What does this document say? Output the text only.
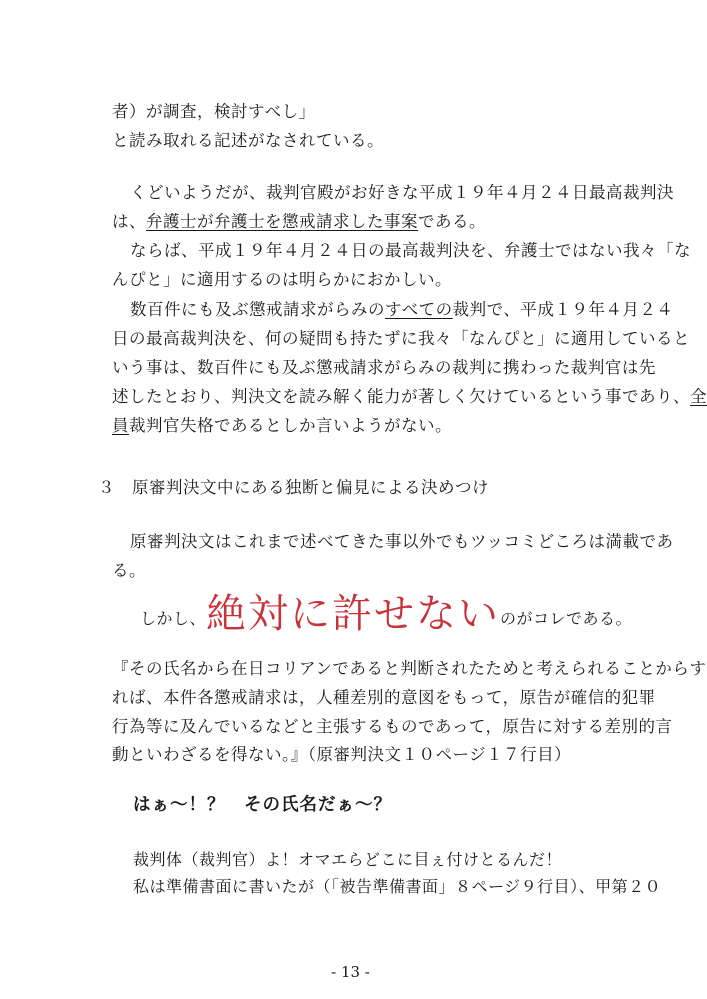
者）が調査，検討すべし」
と読み取れる記述がなされている。
くどいようだが、裁判官殿がお好きな平成１９年４月２４日最高裁判決
は、弁護士が弁護士を懲戒請求した事案である。
ならば、平成１９年４月２４日の最高裁判決を、弁護士ではない我々「な
んぴと」に適用するのは明らかにおかしい。
数百件にも及ぶ懲戒請求がらみのすべての裁判で、平成１９年４月２４
日の最高裁判決を、何の疑問も持たずに我々「なんぴと」に適用していると
いう事は、数百件にも及ぶ懲戒請求がらみの裁判に携わった裁判官は先
述したとおり、判決文を読み解く能力が著しく欠けているという事であり、全
員裁判官失格であるとしか言いようがない。
３　原審判決文中にある独断と偏見による決めつけ
原審判決文はこれまで述べてきた事以外でもツッコミどころは満載であ
る。
しかし、絶対に許せないのがコレである。
『その氏名から在日コリアンであると判断されたためと考えられることからす
れば、本件各懲戒請求は，人種差別的意図をもって，原告が確信的犯罪
行為等に及んでいるなどと主張するものであって，原告に対する差別的言
動といわざるを得ない。』（原審判決文１０ページ１７行目）
はぁ～！？　その氏名だぁ～？
裁判体（裁判官）よ！オマエらどこに目ぇ付けとるんだ！
私は準備書面に書いたが（「被告準備書面」８ページ９行目）、甲第２０
- 13 -
